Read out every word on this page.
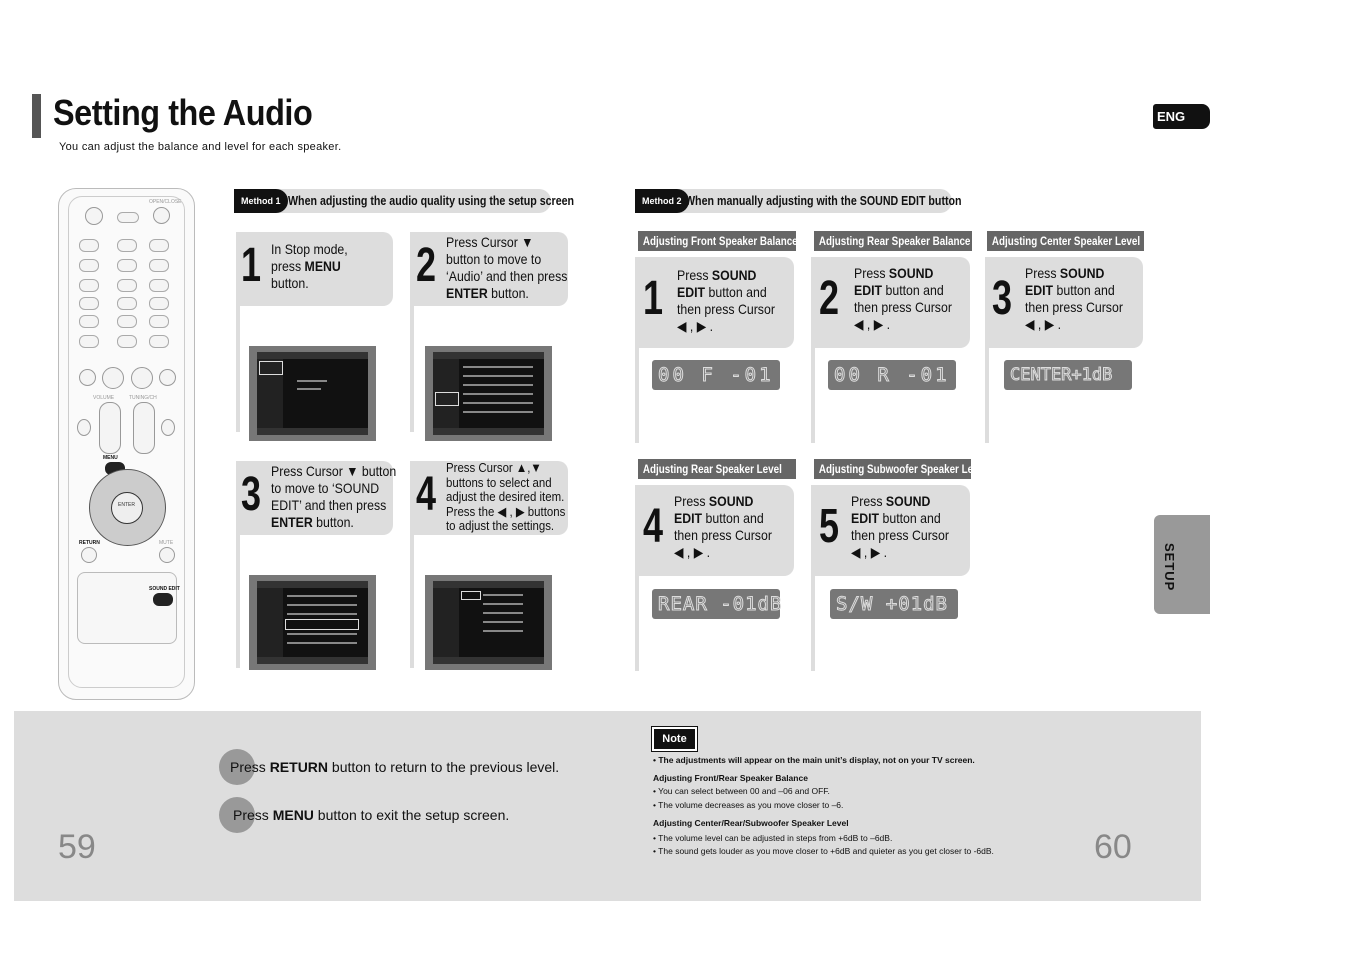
Setting the Audio
You can adjust the balance and level for each speaker.
ENG
SETUP
OPEN/CLOSE
VOLUME	TUNING/CH
MENU
ENTER
RETURN	MUTE
SOUND EDIT
Method 1 When adjusting the audio quality using the setup screen
1 In Stop mode,
press MENU
button.	2 Press Cursor ▼
button to move to
‘Audio’ and then press
ENTER button.
3 Press Cursor ▼ button
to move to ‘SOUND
EDIT’ and then press
ENTER button.
4
Press Cursor ▲,▼
buttons to select and
adjust the desired item.
Press the ◀ , ▶ buttons
to adjust the settings.
Method 2 When manually adjusting with the SOUND EDIT button
Adjusting Front Speaker Balance
1 Press SOUND
EDIT button and
then press Cursor
◀ , ▶ .
00 F -01
Adjusting Rear Speaker Balance
2 Press SOUND
EDIT button and
then press Cursor
◀ , ▶ .
00 R -01
Adjusting Center Speaker Level
3 Press SOUND
EDIT button and
then press Cursor
◀ , ▶ .
CENTER+1dB
Adjusting Rear Speaker Level
4 Press SOUND
EDIT button and
then press Cursor
◀ , ▶ .
REAR -01dB
Adjusting Subwoofer Speaker Level
5 Press SOUND
EDIT button and
then press Cursor
◀ , ▶ .
S/W +01dB
Press RETURN button to return to the previous level.
Press MENU button to exit the setup screen.
Note
• The adjustments will appear on the main unit’s display, not on your TV screen.
Adjusting Front/Rear Speaker Balance
• You can select between 00 and –06 and OFF.
• The volume decreases as you move closer to –6.
Adjusting Center/Rear/Subwoofer Speaker Level
• The volume level can be adjusted in steps from +6dB to –6dB.
• The sound gets louder as you move closer to +6dB and quieter as you get closer to -6dB.
59	60
